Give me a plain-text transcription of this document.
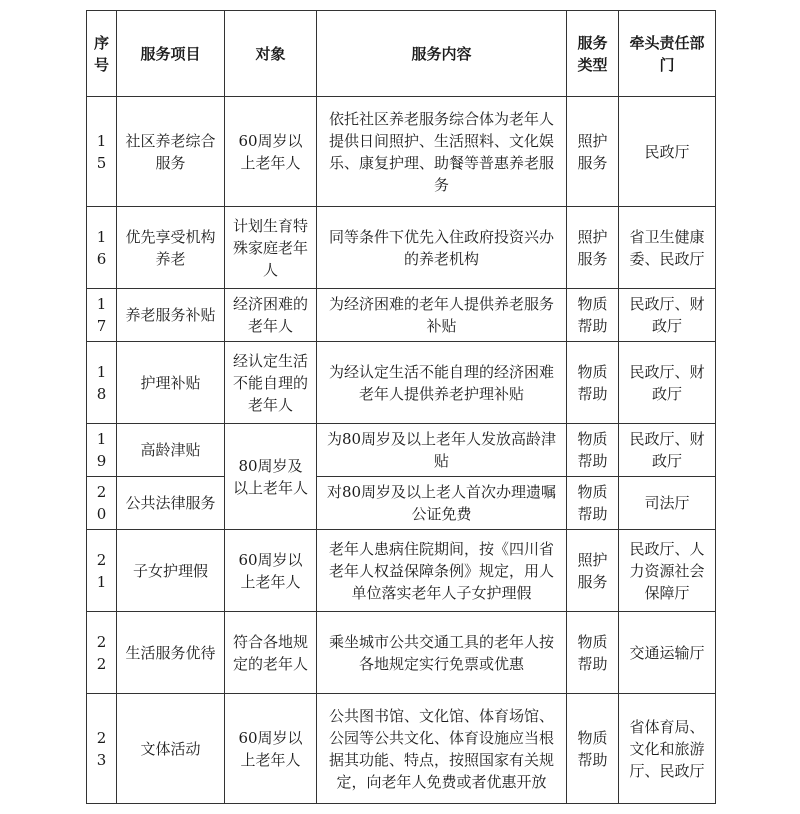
序号	服务项目	对象	服务内容	服务类型	牵头责任部门
15	社区养老综合服务	60周岁以上老年人	依托社区养老服务综合体为老年人提供日间照护、生活照料、文化娱乐、康复护理、助餐等普惠养老服务	照护服务	民政厅
16	优先享受机构养老	计划生育特殊家庭老年人	同等条件下优先入住政府投资兴办的养老机构	照护服务	省卫生健康委、民政厅
17	养老服务补贴	经济困难的老年人	为经济困难的老年人提供养老服务补贴	物质帮助	民政厅、财政厅
18	护理补贴	经认定生活不能自理的老年人	为经认定生活不能自理的经济困难老年人提供养老护理补贴	物质帮助	民政厅、财政厅
19	高龄津贴	80周岁及以上老年人	为80周岁及以上老年人发放高龄津贴	物质帮助	民政厅、财政厅
20	公共法律服务		对80周岁及以上老人首次办理遗嘱公证免费	物质帮助	司法厅
21	子女护理假	60周岁以上老年人	老年人患病住院期间，按《四川省老年人权益保障条例》规定，用人单位落实老年人子女护理假	照护服务	民政厅、人力资源社会保障厅
22	生活服务优待	符合各地规定的老年人	乘坐城市公共交通工具的老年人按各地规定实行免票或优惠	物质帮助	交通运输厅
23	文体活动	60周岁以上老年人	公共图书馆、文化馆、体育场馆、公园等公共文化、体育设施应当根据其功能、特点，按照国家有关规定，向老年人免费或者优惠开放	物质帮助	省体育局、文化和旅游厅、民政厅
